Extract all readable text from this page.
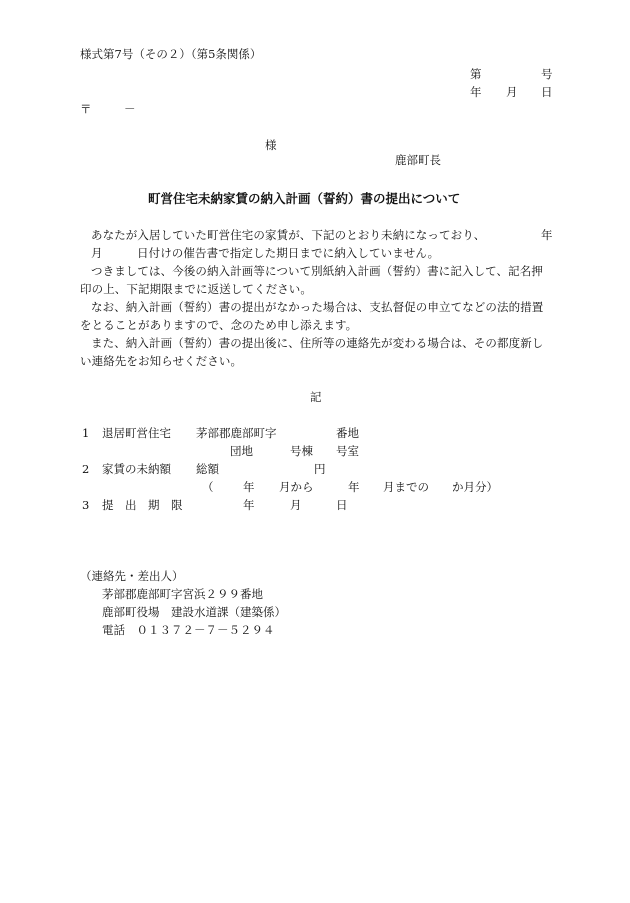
様式第7号（その２）（第5条関係）
第	号
年 月 日
〒	－
様
鹿部町長
町営住宅未納家賃の納入計画（誓約）書の提出について
あなたが入居していた町営住宅の家賃が、下記のとおり未納になっており、	年
月	日付けの催告書で指定した期日までに納入していません。
つきましては、今後の納入計画等について別紙納入計画（誓約）書に記入して、記名押
印の上、下記期限までに返送してください。
なお、納入計画（誓約）書の提出がなかった場合は、支払督促の申立てなどの法的措置
をとることがありますので、念のため申し添えます。
また、納入計画（誓約）書の提出後に、住所等の連絡先が変わる場合は、その都度新し
い連絡先をお知らせください。
記
1 退居町営住宅 茅部郡鹿部町字	番地
団地	号棟 号室
2 家賃の未納額 総額	円
（	年 月から	年 月までの か月分）
3 提　出　期　限	年	月	日
（連絡先・差出人）
茅部郡鹿部町字宮浜２９９番地
鹿部町役場　建設水道課（建築係）
電話　０１３７２－７－５２９４
